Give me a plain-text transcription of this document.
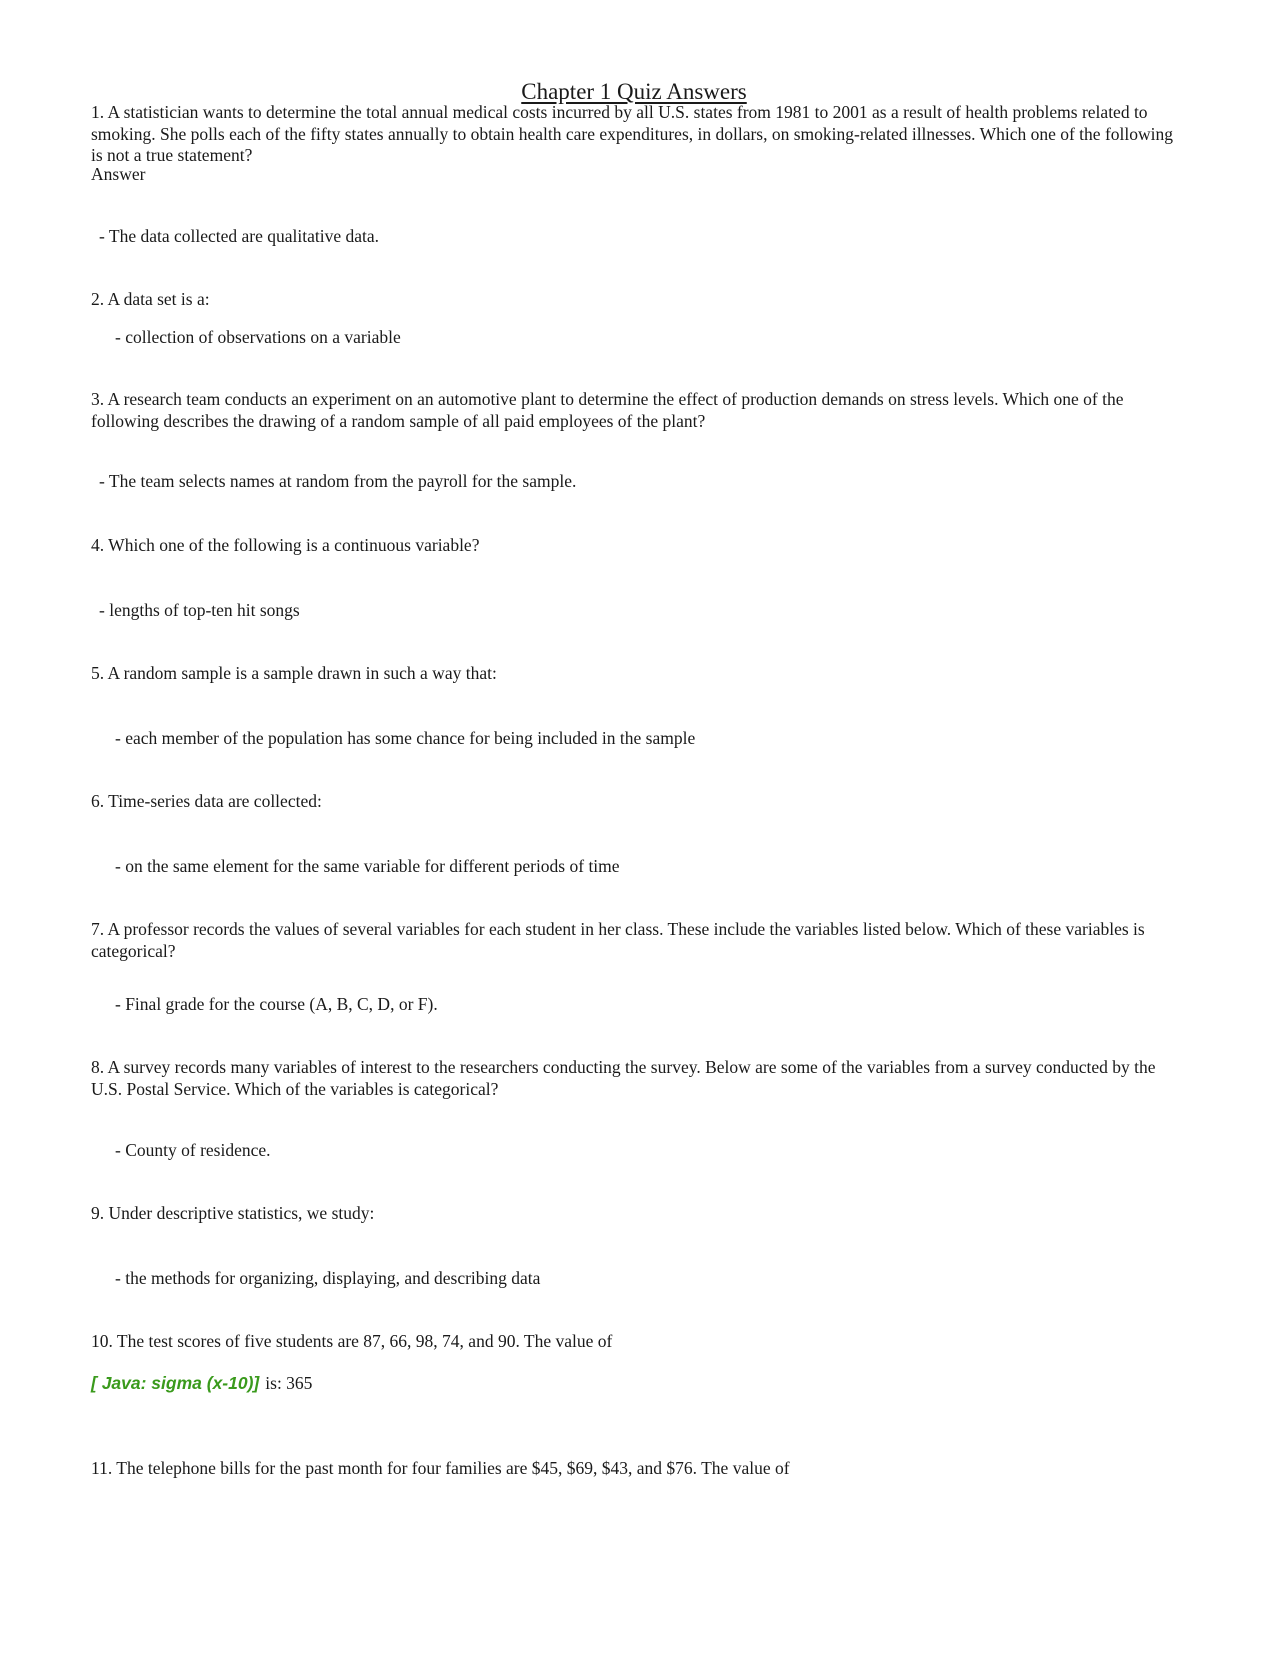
Chapter 1 Quiz Answers

1. A statistician wants to determine the total annual medical costs incurred by all U.S. states from 1981 to 2001 as a result of health problems related to smoking. She polls each of the fifty states annually to obtain health care expenditures, in dollars, on smoking-related illnesses. Which one of the following is not a true statement?

Answer

- The data collected are qualitative data.

2. A data set is a:

- collection of observations on a variable

3. A research team conducts an experiment on an automotive plant to determine the effect of production demands on stress levels. Which one of the following describes the drawing of a random sample of all paid employees of the plant?

- The team selects names at random from the payroll for the sample.

4. Which one of the following is a continuous variable?

- lengths of top-ten hit songs

5. A random sample is a sample drawn in such a way that:

- each member of the population has some chance for being included in the sample

6. Time-series data are collected:

- on the same element for the same variable for different periods of time

7. A professor records the values of several variables for each student in her class. These include the variables listed below. Which of these variables is categorical?

- Final grade for the course (A, B, C, D, or F).

8. A survey records many variables of interest to the researchers conducting the survey. Below are some of the variables from a survey conducted by the U.S. Postal Service. Which of the variables is categorical?

- County of residence.

9. Under descriptive statistics, we study:

- the methods for organizing, displaying, and describing data

10. The test scores of five students are 87, 66, 98, 74, and 90. The value of

[ Java: sigma (x-10)] is: 365

11. The telephone bills for the past month for four families are $45, $69, $43, and $76. The value of
